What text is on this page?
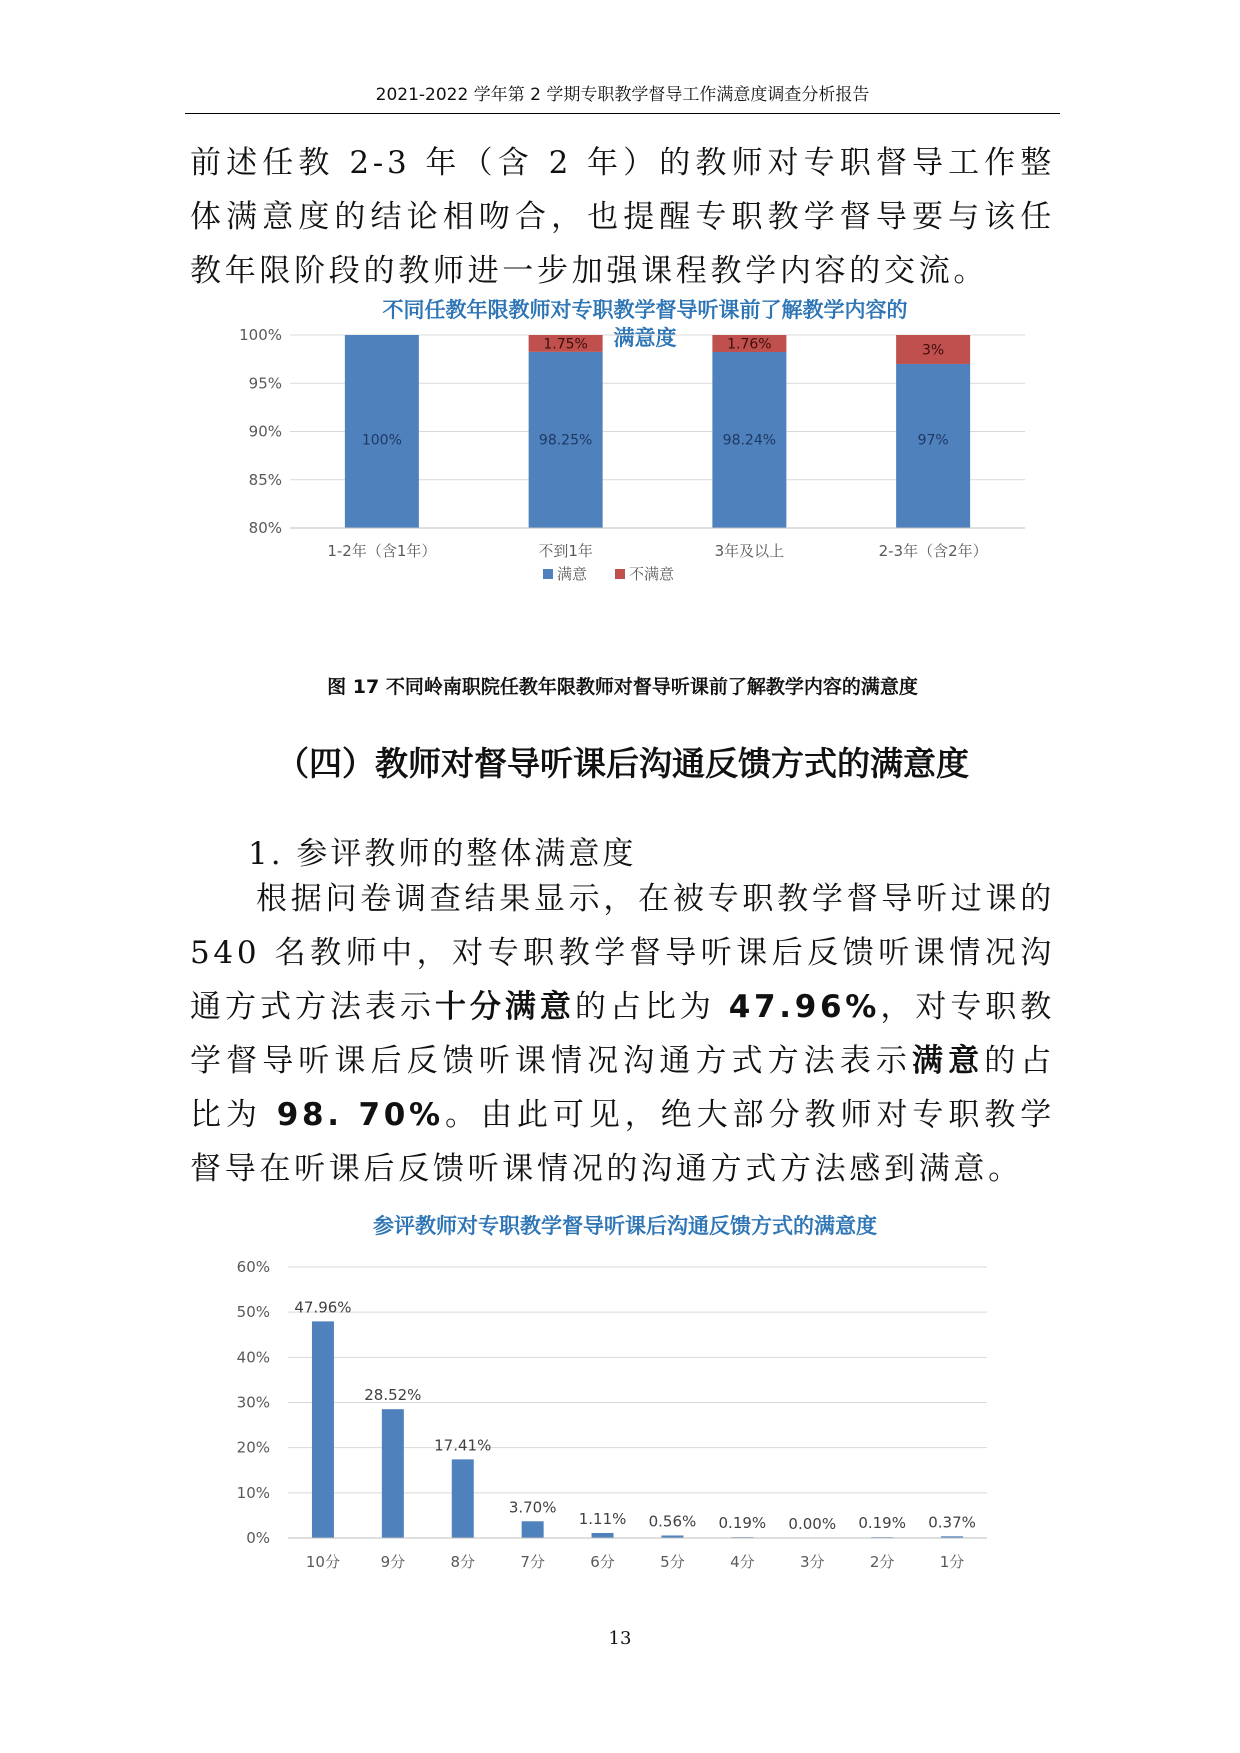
2021-2022 学年第 2 学期专职教学督导工作满意度调查分析报告
前述任教 2-3 年（含 2 年）的教师对专职督导工作整体满意度的结论相吻合，也提醒专职教学督导要与该任教年限阶段的教师进一步加强课程教学内容的交流。
不同任教年限教师对专职教学督导听课前了解教学内容的
满意度
100%	98.25%
1.75%
98.24%
1.76%
97%
3%
80%
85%
90%
95%
100%
1-2年（含1年）	不到1年	3年及以上	2-3年（含2年）
满意	不满意
图 17 不同岭南职院任教年限教师对督导听课前了解教学内容的满意度
（四）教师对督导听课后沟通反馈方式的满意度
1. 参评教师的整体满意度
根据问卷调查结果显示，在被专职教学督导听过课的 540 名教师中，对专职教学督导听课后反馈听课情况沟通方式方法表示十分满意的占比为 47.96%，对专职教学督导听课后反馈听课情况沟通方式方法表示满意的占比为 98. 70%。由此可见，绝大部分教师对专职教学督导在听课后反馈听课情况的沟通方式方法感到满意。
参评教师对专职教学督导听课后沟通反馈方式的满意度
47.96%
28.52%
17.41%
3.70%
1.11% 0.56% 0.19% 0.00% 0.19% 0.37%
0%
10%
20%
30%
40%
50%
60%
10分	9分	8分	7分	6分	5分	4分	3分	2分	1分
13
